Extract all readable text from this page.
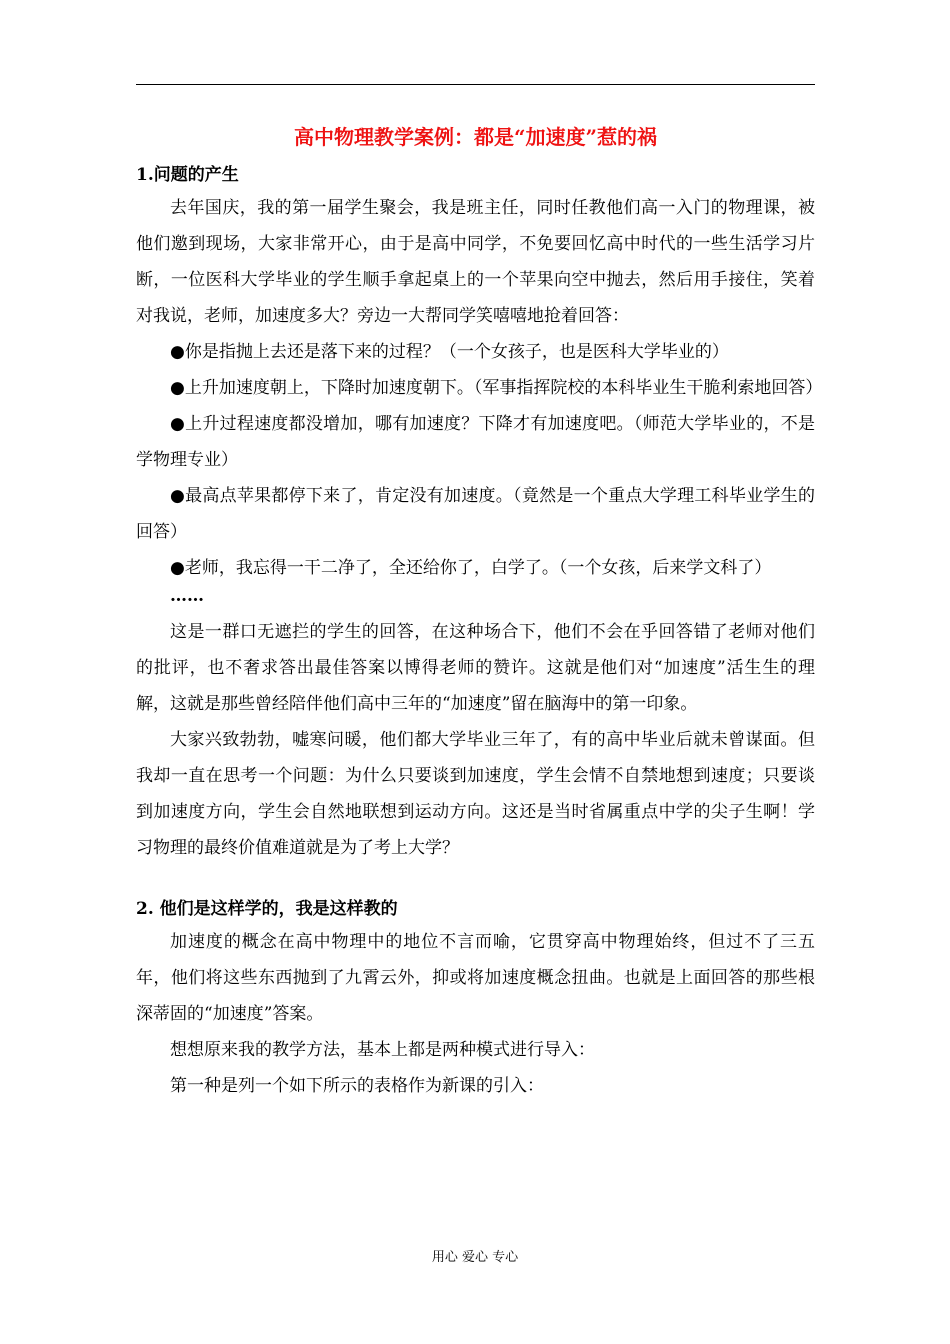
高中物理教学案例：都是“加速度”惹的祸
1.问题的产生

去年国庆，我的第一届学生聚会，我是班主任，同时任教他们高一入门的物理课，被他们邀到现场，大家非常开心，由于是高中同学，不免要回忆高中时代的一些生活学习片断，一位医科大学毕业的学生顺手拿起桌上的一个苹果向空中抛去，然后用手接住，笑着对我说，老师，加速度多大？旁边一大帮同学笑嘻嘻地抢着回答：

●你是指抛上去还是落下来的过程？（一个女孩子，也是医科大学毕业的）

●上升加速度朝上，下降时加速度朝下。（军事指挥院校的本科毕业生干脆利索地回答）

●上升过程速度都没增加，哪有加速度？下降才有加速度吧。（师范大学毕业的，不是学物理专业）

●最高点苹果都停下来了，肯定没有加速度。（竟然是一个重点大学理工科毕业学生的回答）

●老师，我忘得一干二净了，全还给你了，白学了。（一个女孩，后来学文科了）

……

这是一群口无遮拦的学生的回答，在这种场合下，他们不会在乎回答错了老师对他们的批评，也不奢求答出最佳答案以博得老师的赞许。这就是他们对“加速度”活生生的理解，这就是那些曾经陪伴他们高中三年的“加速度”留在脑海中的第一印象。

大家兴致勃勃，嘘寒问暖，他们都大学毕业三年了，有的高中毕业后就未曾谋面。但我却一直在思考一个问题：为什么只要谈到加速度，学生会情不自禁地想到速度；只要谈到加速度方向，学生会自然地联想到运动方向。这还是当时省属重点中学的尖子生啊！学习物理的最终价值难道就是为了考上大学？

2. 他们是这样学的，我是这样教的

加速度的概念在高中物理中的地位不言而喻，它贯穿高中物理始终，但过不了三五年，他们将这些东西抛到了九霄云外，抑或将加速度概念扭曲。也就是上面回答的那些根深蒂固的“加速度”答案。

想想原来我的教学方法，基本上都是两种模式进行导入：

第一种是列一个如下所示的表格作为新课的引入：

用心 爱心 专心
